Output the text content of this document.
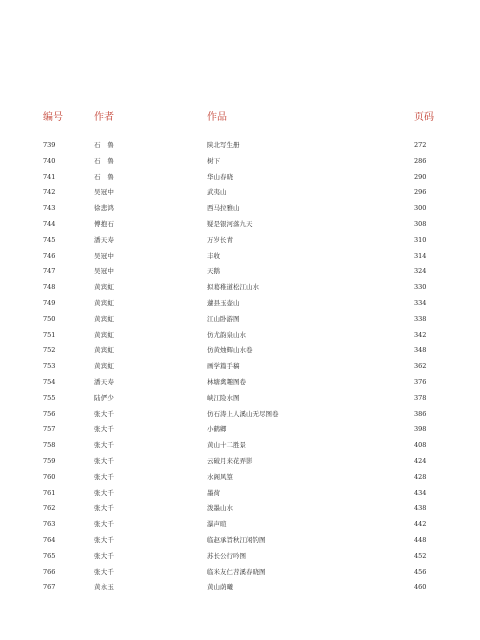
编号	作者	作品	页码
739	石　鲁	陕北写生册	272
740	石　鲁	树下	286
741	石　鲁	华山春晓	290
742	吴冠中	武夷山	296
743	徐悲鸿	西马拉雅山	300
744	傅抱石	疑是银河落九天	308
745	潘天寿	万岁长青	310
746	吴冠中	丰收	314
747	吴冠中	天鹅	324
748	黄宾虹	拟葛稚道松江山水	330
749	黄宾虹	蘧县玉壶山	334
750	黄宾虹	江山卧游图	338
751	黄宾虹	仿尤韵泉山水	342
752	黄宾虹	仿黄烛辉山水卷	348
753	黄宾虹	画学篇手稿	362
754	潘天寿	林塘禽趣图卷	376
755	陆俨少	峡江险水图	378
756	张大千	仿石涛上人溪山无尽图卷	386
757	张大千	小鹤卿	398
758	张大千	黄山十二胜景	408
759	张大千	云破月来花弄影	424
760	张大千	水阁风篁	428
761	张大千	墨荷	434
762	张大千	泼墨山水	438
763	张大千	瀑声暄	442
764	张大千	临赵承旨秋江闲钓图	448
765	张大千	苏长公行吟图	452
766	张大千	临米友仁苕溪春晓图	456
767	黄永玉	黄山荫曦	460
